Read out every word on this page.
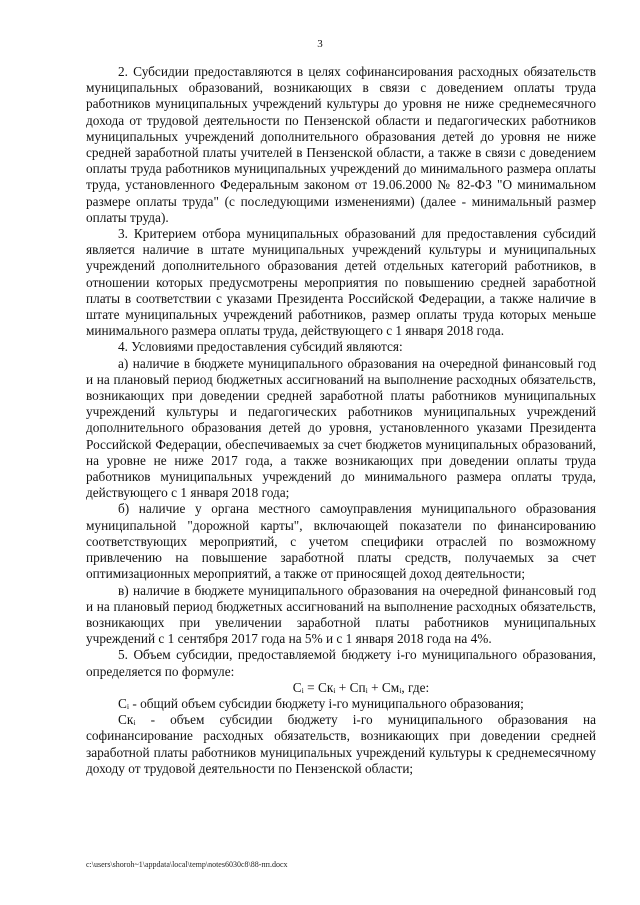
3

2. Субсидии предоставляются в целях софинансирования расходных обязательств муниципальных образований, возникающих в связи с доведением оплаты труда работников муниципальных учреждений культуры до уровня не ниже среднемесячного дохода от трудовой деятельности по Пензенской области и педагогических работников муниципальных учреждений дополнительного образования детей до уровня не ниже средней заработной платы учителей в Пензенской области, а также в связи с доведением оплаты труда работников муниципальных учреждений до минимального размера оплаты труда, установленного Федеральным законом от 19.06.2000 № 82-ФЗ "О минимальном размере оплаты труда" (с последующими изменениями) (далее - минимальный размер оплаты труда).

3. Критерием отбора муниципальных образований для предоставления субсидий является наличие в штате муниципальных учреждений культуры и муниципальных учреждений дополнительного образования детей отдельных категорий работников, в отношении которых предусмотрены мероприятия по повышению средней заработной платы в соответствии с указами Президента Российской Федерации, а также наличие в штате муниципальных учреждений работников, размер оплаты труда которых меньше минимального размера оплаты труда, действующего с 1 января 2018 года.

4. Условиями предоставления субсидий являются:

а) наличие в бюджете муниципального образования на очередной финансовый год и на плановый период бюджетных ассигнований на выполнение расходных обязательств, возникающих при доведении средней заработной платы работников муниципальных учреждений культуры и педагогических работников муниципальных учреждений дополнительного образования детей до уровня, установленного указами Президента Российской Федерации, обеспечиваемых за счет бюджетов муниципальных образований, на уровне не ниже 2017 года, а также возникающих при доведении оплаты труда работников муниципальных учреждений до минимального размера оплаты труда, действующего с 1 января 2018 года;

б) наличие у органа местного самоуправления муниципального образования муниципальной "дорожной карты", включающей показатели по финансированию соответствующих мероприятий, с учетом специфики отраслей по возможному привлечению на повышение заработной платы средств, получаемых за счет оптимизационных мероприятий, а также от приносящей доход деятельности;

в) наличие в бюджете муниципального образования на очередной финансовый год и на плановый период бюджетных ассигнований на выполнение расходных обязательств, возникающих при увеличении заработной платы работников муниципальных учреждений с 1 сентября 2017 года на 5% и с 1 января 2018 года на 4%.

5. Объем субсидии, предоставляемой бюджету i-го муниципального образования, определяется по формуле:

Сᵢ = Скᵢ + Спᵢ + Смᵢ, где:

Сᵢ - общий объем субсидии бюджету i-го муниципального образования;

Скᵢ - объем субсидии бюджету i-го муниципального образования на софинансирование расходных обязательств, возникающих при доведении средней заработной платы работников муниципальных учреждений культуры к среднемесячному доходу от трудовой деятельности по Пензенской области;

c:\users\shoroh~1\appdata\local\temp\notes6030c8\88-пп.docx
